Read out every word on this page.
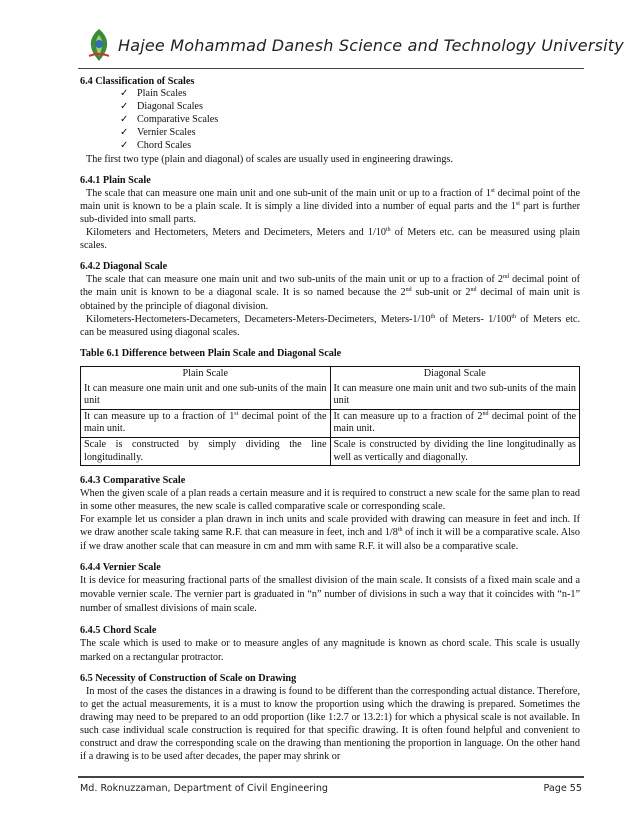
Hajee Mohammad Danesh Science and Technology University

6.4 Classification of Scales

✓ Plain Scales
✓ Diagonal Scales
✓ Comparative Scales
✓ Vernier Scales
✓ Chord Scales

The first two type (plain and diagonal) of scales are usually used in engineering drawings.

6.4.1 Plain Scale

The scale that can measure one main unit and one sub-unit of the main unit or up to a fraction of 1st decimal point of the main unit is known to be a plain scale. It is simply a line divided into a number of equal parts and the 1st part is further sub-divided into small parts.

Kilometers and Hectometers, Meters and Decimeters, Meters and 1/10th of Meters etc. can be measured using plain scales.

6.4.2 Diagonal Scale

The scale that can measure one main unit and two sub-units of the main unit or up to a fraction of 2nd decimal point of the main unit is known to be a diagonal scale. It is so named because the 2nd sub-unit or 2nd decimal of main unit is obtained by the principle of diagonal division.

Kilometers-Hectometers-Decameters, Decameters-Meters-Decimeters, Meters-1/10th of Meters- 1/100th of Meters etc. can be measured using diagonal scales.

Table 6.1 Difference between Plain Scale and Diagonal Scale

Plain Scale	Diagonal Scale
It can measure one main unit and one sub-units of the main unit	It can measure one main unit and two sub-units of the main unit
It can measure up to a fraction of 1st decimal point of the main unit.	It can measure up to a fraction of 2nd decimal point of the main unit.
Scale is constructed by simply dividing the line longitudinally.	Scale is constructed by dividing the line longitudinally as well as vertically and diagonally.

6.4.3 Comparative Scale

When the given scale of a plan reads a certain measure and it is required to construct a new scale for the same plan to read in some other measures, the new scale is called comparative scale or corresponding scale.

For example let us consider a plan drawn in inch units and scale provided with drawing can measure in feet and inch. If we draw another scale taking same R.F. that can measure in feet, inch and 1/8th of inch it will be a comparative scale. Also if we draw another scale that can measure in cm and mm with same R.F. it will also be a comparative scale.

6.4.4 Vernier Scale

It is device for measuring fractional parts of the smallest division of the main scale. It consists of a fixed main scale and a movable vernier scale. The vernier part is graduated in “n” number of divisions in such a way that it coincides with “n-1” number of smallest divisions of main scale.

6.4.5 Chord Scale

The scale which is used to make or to measure angles of any magnitude is known as chord scale. This scale is usually marked on a rectangular protractor.

6.5 Necessity of Construction of Scale on Drawing

In most of the cases the distances in a drawing is found to be different than the corresponding actual distance. Therefore, to get the actual measurements, it is a must to know the proportion using which the drawing is prepared. Sometimes the drawing may need to be prepared to an odd proportion (like 1:2.7 or 13.2:1) for which a physical scale is not available. In such case individual scale construction is required for that specific drawing. It is often found helpful and convenient to construct and draw the corresponding scale on the drawing than mentioning the proportion in language. On the other hand if a drawing is to be used after decades, the paper may shrink or

Md. Roknuzzaman, Department of Civil Engineering	Page 55
